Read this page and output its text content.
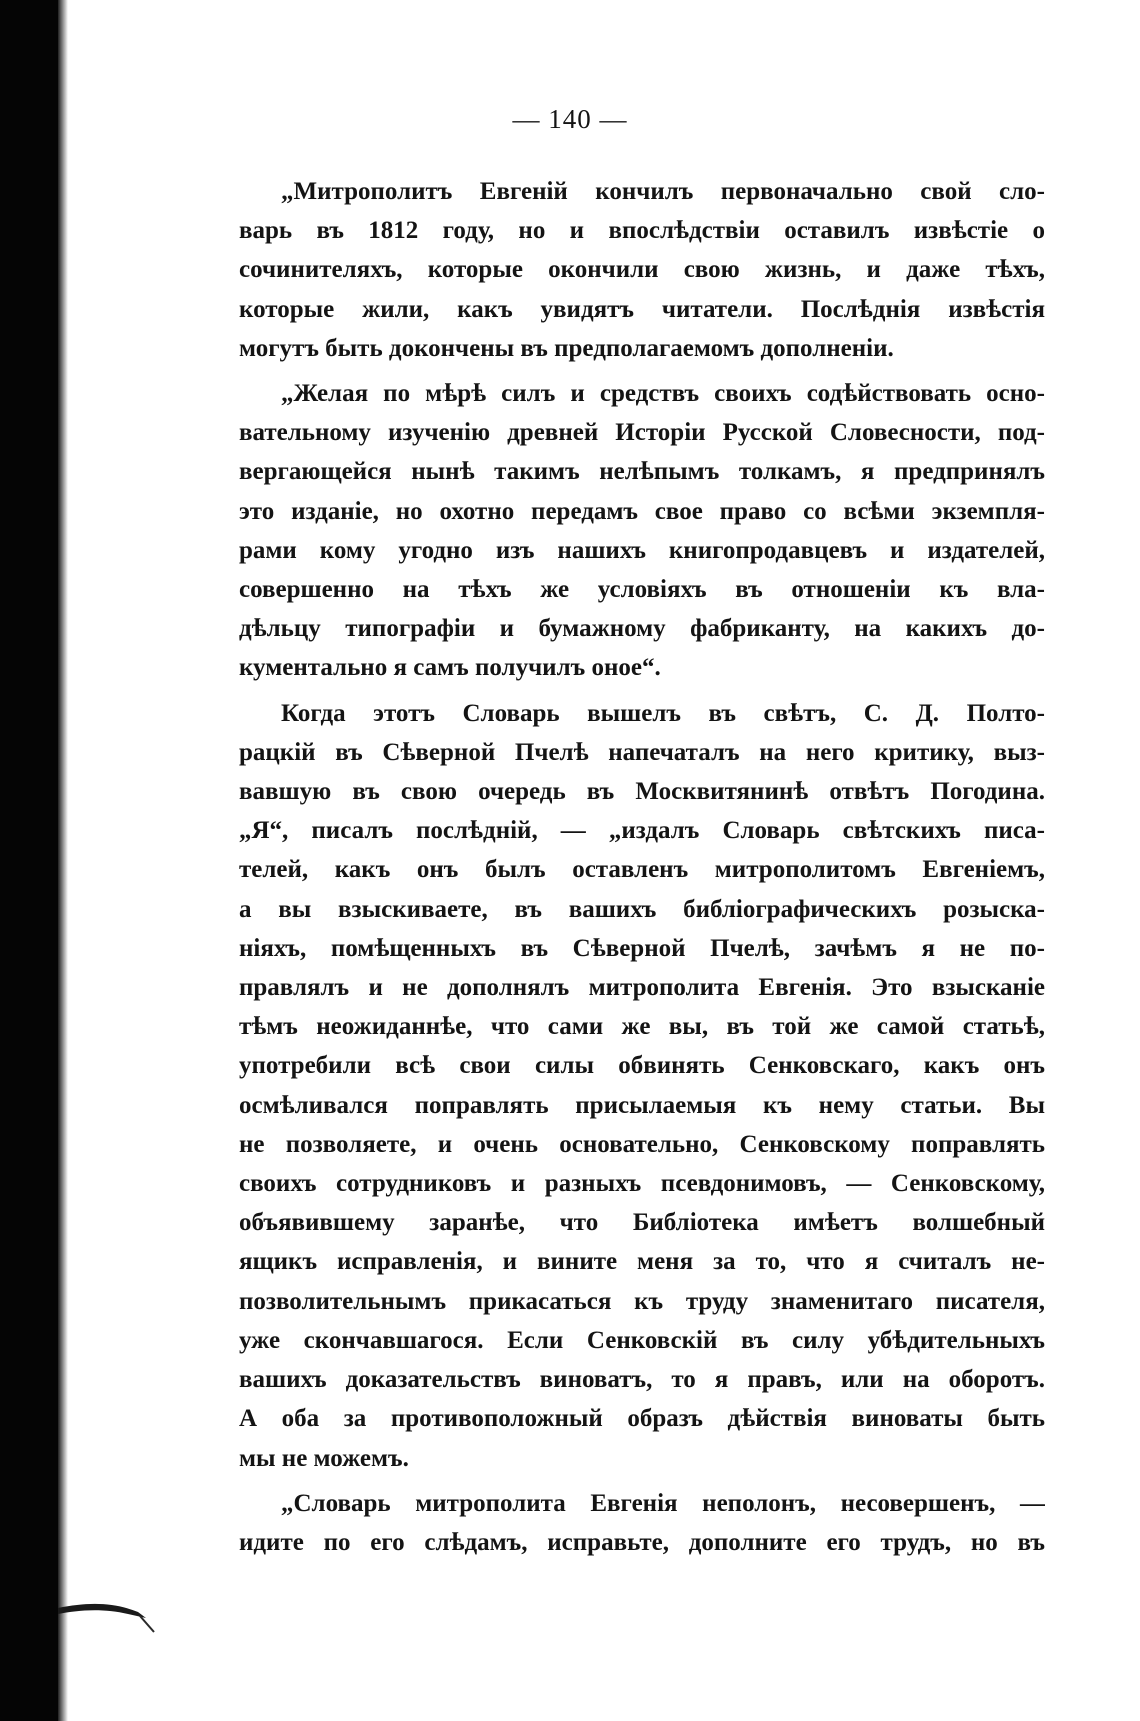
— 140 —
„Митрополитъ Евгеній кончилъ первоначально свой сло-
варь въ 1812 году, но и впослѣдствіи оставилъ извѣстіе о
сочинителяхъ, которые окончили свою жизнь, и даже тѣхъ,
которые жили, какъ увидятъ читатели. Послѣднія извѣстія
могутъ быть докончены въ предполагаемомъ дополненіи.
„Желая по мѣрѣ силъ и средствъ своихъ содѣйствовать осно-
вательному изученію древней Исторіи Русской Словесности, под-
вергающейся нынѣ такимъ нелѣпымъ толкамъ, я предпринялъ
это изданіе, но охотно передамъ свое право со всѣми экземпля-
рами кому угодно изъ нашихъ книгопродавцевъ и издателей,
совершенно на тѣхъ же условіяхъ въ отношеніи къ вла-
дѣльцу типографіи и бумажному фабриканту, на какихъ до-
кументально я самъ получилъ оное“.
Когда этотъ Словарь вышелъ въ свѣтъ, С. Д. Полто-
рацкій въ Сѣверной Пчелѣ напечаталъ на него критику, выз-
вавшую въ свою очередь въ Москвитянинѣ отвѣтъ Погодина.
„Я“, писалъ послѣдній, — „издалъ Словарь свѣтскихъ писа-
телей, какъ онъ былъ оставленъ митрополитомъ Евгеніемъ,
а вы взыскиваете, въ вашихъ библіографическихъ розыска-
ніяхъ, помѣщенныхъ въ Сѣверной Пчелѣ, зачѣмъ я не по-
правлялъ и не дополнялъ митрополита Евгенія. Это взысканіе
тѣмъ неожиданнѣе, что сами же вы, въ той же самой статьѣ,
употребили всѣ свои силы обвинять Сенковскаго, какъ онъ
осмѣливался поправлять присылаемыя къ нему статьи. Вы
не позволяете, и очень основательно, Сенковскому поправлять
своихъ сотрудниковъ и разныхъ псевдонимовъ, — Сенковскому,
объявившему заранѣе, что Библіотека имѣетъ волшебный
ящикъ исправленія, и вините меня за то, что я считалъ не-
позволительнымъ прикасаться къ труду знаменитаго писателя,
уже скончавшагося. Если Сенковскій въ силу убѣдительныхъ
вашихъ доказательствъ виноватъ, то я правъ, или на оборотъ.
А оба за противоположный образъ дѣйствія виноваты быть
мы не можемъ.
„Словарь митрополита Евгенія неполонъ, несовершенъ, —
идите по его слѣдамъ, исправьте, дополните его трудъ, но въ
